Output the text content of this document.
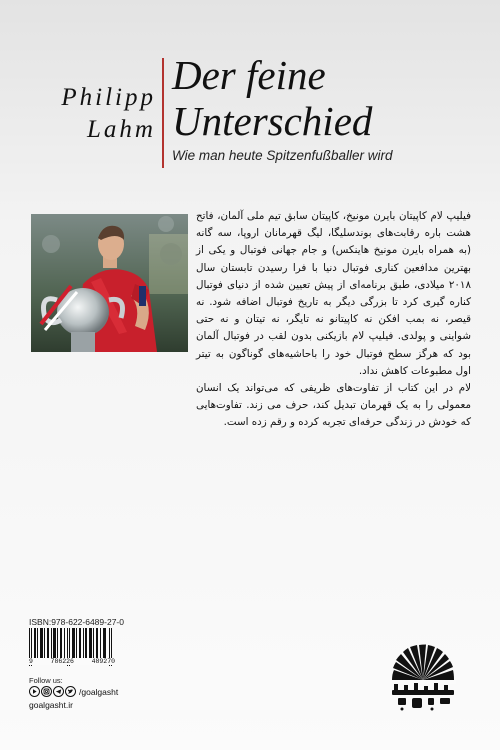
Philipp
Lahm
Der feine
Unterschied
Wie man heute Spitzenfußballer wird

فیلیپ لام کاپیتان بایرن مونیخ، کاپیتان سابق تیم ملی آلمان، فاتح هشت باره رقابت‌های بوندسلیگا، لیگ قهرمانان اروپا، سه گانه (به همراه بایرن مونیخ هاینکس) و جام جهانی فوتبال و یکی از بهترین مدافعین کناری فوتبال دنیا با فرا رسیدن تابستان سال ۲۰۱۸ میلادی، طبق برنامه‌ای از پیش تعیین شده از دنیای فوتبال کناره گیری کرد تا بزرگی دیگر به تاریخ فوتبال اضافه شود. نه قیصر، نه بمب افکن نه کاپیتانو نه تایگر، نه تیتان و نه حتی شواینی و پولدی. فیلیپ لام بازیکنی بدون لقب در فوتبال آلمان بود که هرگز سطح فوتبال خود را باحاشیه‌های گوناگون به تیتر اول مطبوعات کاهش نداد.

لام در این کتاب از تفاوت‌های ظریفی که می‌تواند یک انسان معمولی را به یک قهرمان تبدیل کند، حرف می زند. تفاوت‌هایی که خودش در زندگی حرفه‌ای تجربه کرده و رقم زده است.

ISBN:978-622-6489-27-0
9	786226	489270
Follow us:
/goalgasht
goalgasht.ir
